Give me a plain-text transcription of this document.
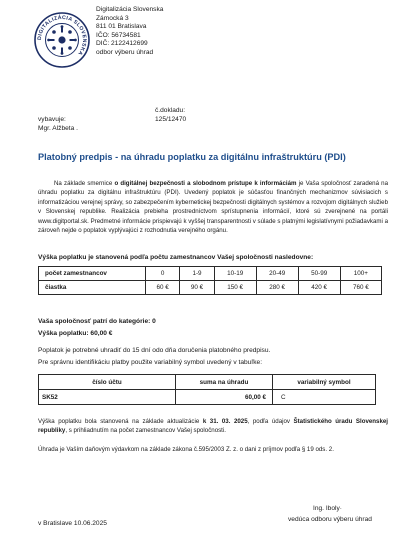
DIGITALIZÁCIA SLOVENSKA
Digitalizácia Slovenska
Zámocká 3
811 01 Bratislava
IČO: 56734581
DIČ: 2122412699
odbor výberu úhrad
vybavuje:
Mgr. Alžbeta .
č.dokladu:
125/12470
Platobný predpis - na úhradu poplatku za digitálnu infraštruktúru (PDI)
Na základe smernice o digitálnej bezpečnosti a slobodnom prístupe k informáciám je Vaša spoločnosť zaradená na úhradu poplatku za digitálnu infraštruktúru (PDI). Uvedený poplatok je súčasťou finančných mechanizmov súvisiacich s informatizáciou verejnej správy, so zabezpečením kybernetickej bezpečnosti digitálnych systémov a rozvojom digitálnych služieb v Slovenskej republike. Realizácia prebieha prostredníctvom sprístupnenia informácií, ktoré sú zverejnené na portáli www.digitportal.sk. Predmetné informácie prispievajú k vyššej transparentnosti v súlade s platnými legislatívnymi požiadavkami a zároveň nejde o poplatok vyplývajúci z rozhodnutia verejného orgánu.
Výška poplatku je stanovená podľa počtu zamestnancov Vašej spoločnosti nasledovne:
počet zamestnancov	0	1-9	10-19	20-49	50-99	100+
čiastka	60 €	90 €	150 €	280 €	420 €	760 €
Vaša spoločnosť patrí do kategórie: 0
Výška poplatku: 60,00 €
Poplatok je potrebné uhradiť do 15 dní odo dňa doručenia platobného predpisu.
Pre správnu identifikáciu platby použite variabilný symbol uvedený v tabuľke:
číslo účtu	suma na úhradu	variabilný symbol
SK52	60,00 €	C
Výška poplatku bola stanovená na základe aktualizácie k 31. 03. 2025, podľa údajov Štatistického úradu Slovenskej republiky, s prihliadnutím na počet zamestnancov Vašej spoločnosti.
Úhrada je Vaším daňovým výdavkom na základe zákona č.595/2003 Z. z. o dani z príjmov podľa § 19 ods. 2.
Ing. Iboly·
vedúca odboru výberu úhrad
v Bratislave 10.06.2025
